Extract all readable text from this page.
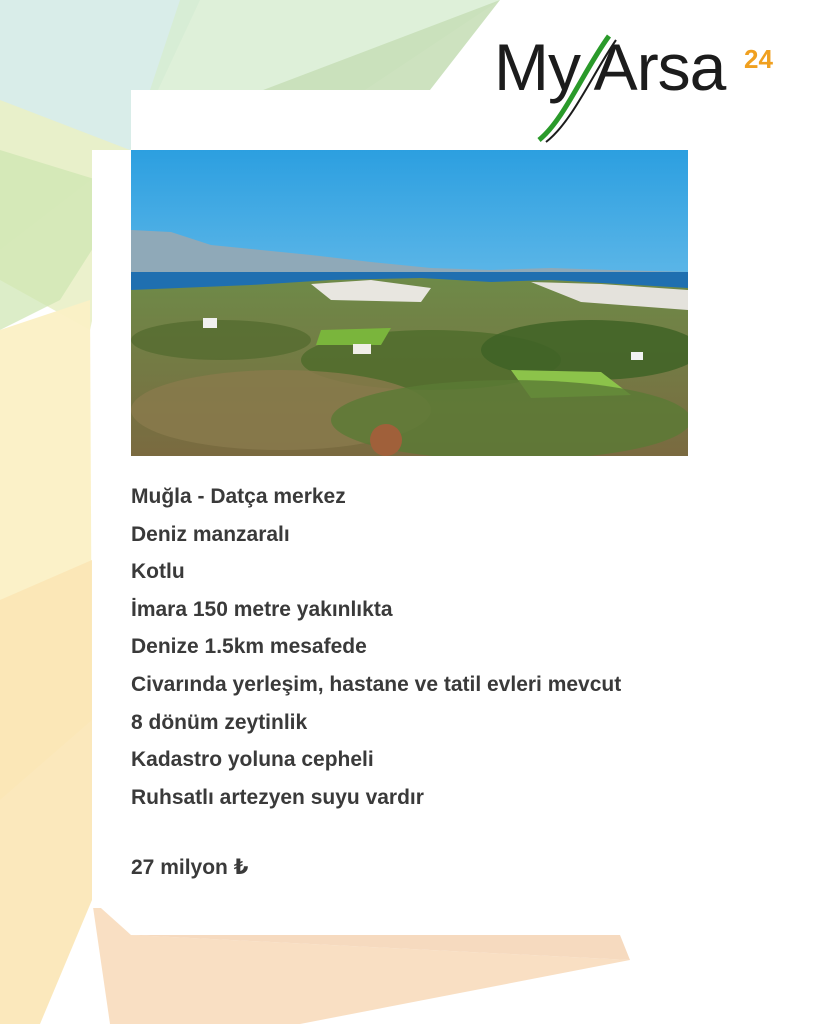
My Arsa 24
Muğla - Datça merkez
Deniz manzaralı
Kotlu
İmara 150 metre yakınlıkta
Denize 1.5km mesafede
Civarında yerleşim, hastane ve tatil evleri mevcut
8 dönüm zeytinlik
Kadastro yoluna cepheli
Ruhsatlı artezyen suyu vardır
27 milyon ₺
